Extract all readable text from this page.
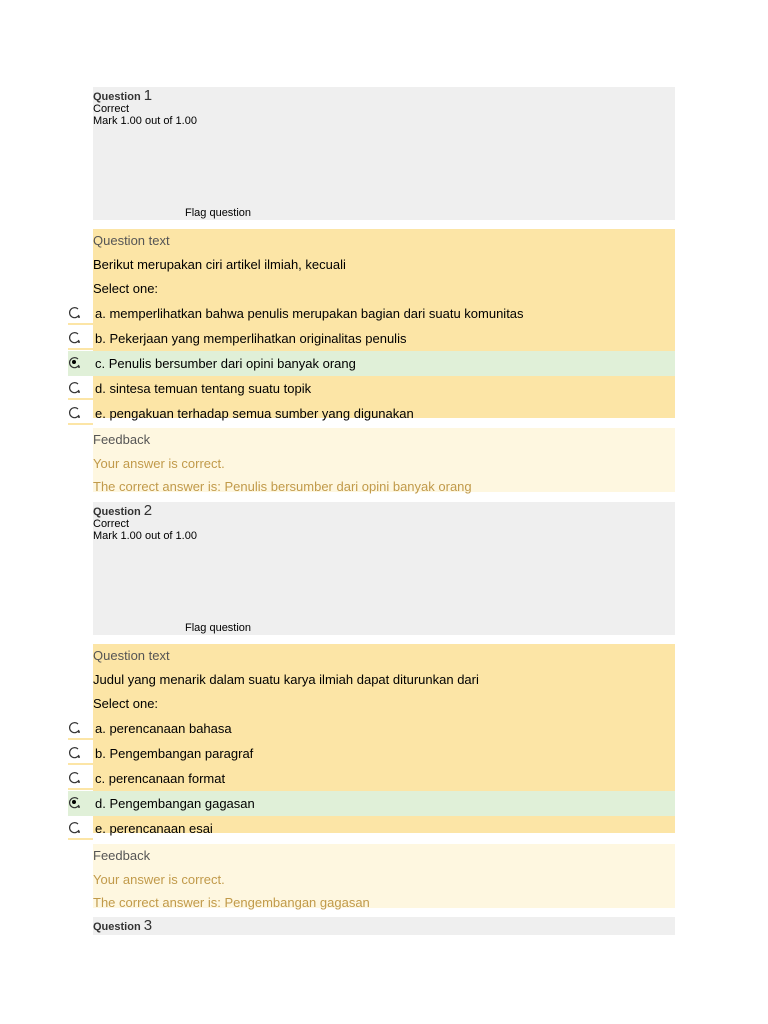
Question 1
Correct
Mark 1.00 out of 1.00
Flag question
Question text
Berikut merupakan ciri artikel ilmiah, kecuali
Select one:
a. memperlihatkan bahwa penulis merupakan bagian dari suatu komunitas
b. Pekerjaan yang memperlihatkan originalitas penulis
c. Penulis bersumber dari opini banyak orang
d. sintesa temuan tentang suatu topik
e. pengakuan terhadap semua sumber yang digunakan
Feedback
Your answer is correct.
The correct answer is: Penulis bersumber dari opini banyak orang
Question 2
Correct
Mark 1.00 out of 1.00
Flag question
Question text
Judul yang menarik dalam suatu karya ilmiah dapat diturunkan dari
Select one:
a. perencanaan bahasa
b. Pengembangan paragraf
c. perencanaan format
d. Pengembangan gagasan
e. perencanaan esai
Feedback
Your answer is correct.
The correct answer is: Pengembangan gagasan
Question 3
